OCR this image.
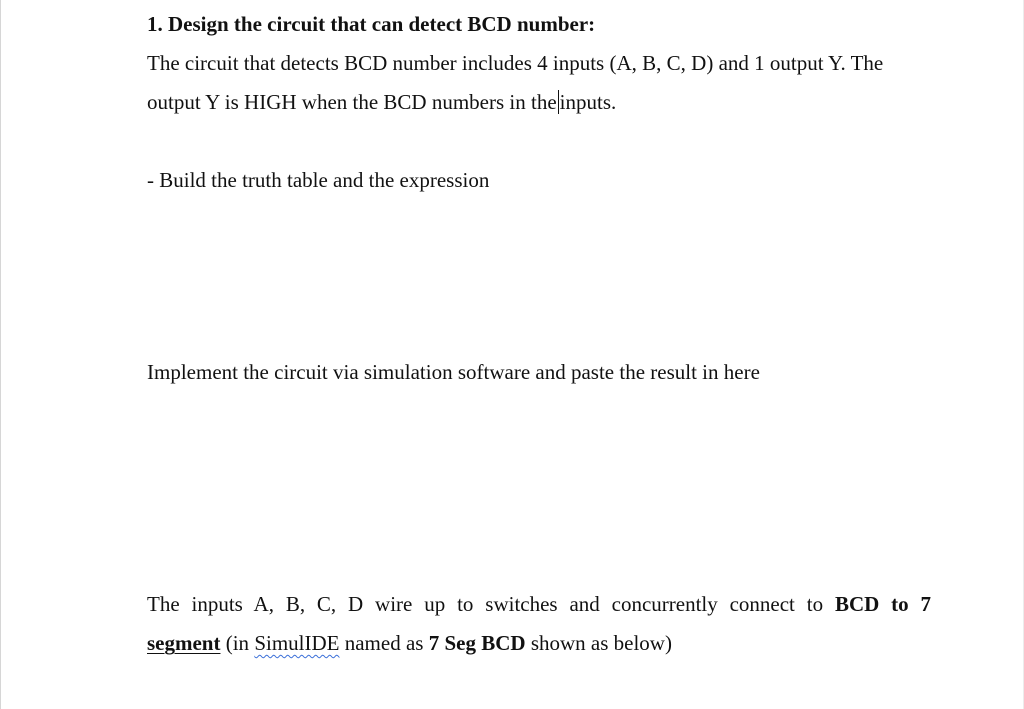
1. Design the circuit that can detect BCD number:
The circuit that detects BCD number includes 4 inputs (A, B, C, D) and 1 output Y. The
output Y is HIGH when the BCD numbers in the inputs.
- Build the truth table and the expression
Implement the circuit via simulation software and paste the result in here
The inputs A, B, C, D wire up to switches and concurrently connect to BCD to 7
segment (in SimulIDE named as 7 Seg BCD shown as below)
